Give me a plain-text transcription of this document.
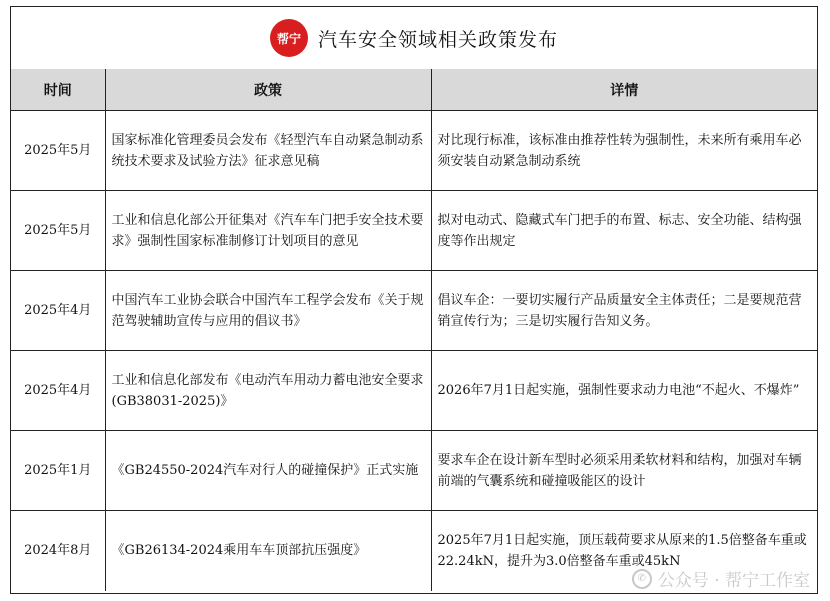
帮宁 汽车安全领域相关政策发布
时间	政策	详情
2025年5月	国家标准化管理委员会发布《轻型汽车自动紧急制动系统技术要求及试验方法》征求意见稿	对比现行标准，该标准由推荐性转为强制性，未来所有乘用车必须安装自动紧急制动系统
2025年5月	工业和信息化部公开征集对《汽车车门把手安全技术要求》强制性国家标准制修订计划项目的意见	拟对电动式、隐藏式车门把手的布置、标志、安全功能、结构强度等作出规定
2025年4月	中国汽车工业协会联合中国汽车工程学会发布《关于规范驾驶辅助宣传与应用的倡议书》	倡议车企：一要切实履行产品质量安全主体责任；二是要规范营销宣传行为；三是切实履行告知义务。
2025年4月	工业和信息化部发布《电动汽车用动力蓄电池安全要求(GB38031-2025)》	2026年7月1日起实施，强制性要求动力电池“不起火、不爆炸”
2025年1月	《GB24550-2024汽车对行人的碰撞保护》正式实施	要求车企在设计新车型时必须采用柔软材料和结构，加强对车辆前端的气囊系统和碰撞吸能区的设计
2024年8月	《GB26134-2024乘用车车顶部抗压强度》	2025年7月1日起实施，顶压载荷要求从原来的1.5倍整备车重或22.24kN，提升为3.0倍整备车重或45kN
✆ 公众号 · 帮宁工作室
